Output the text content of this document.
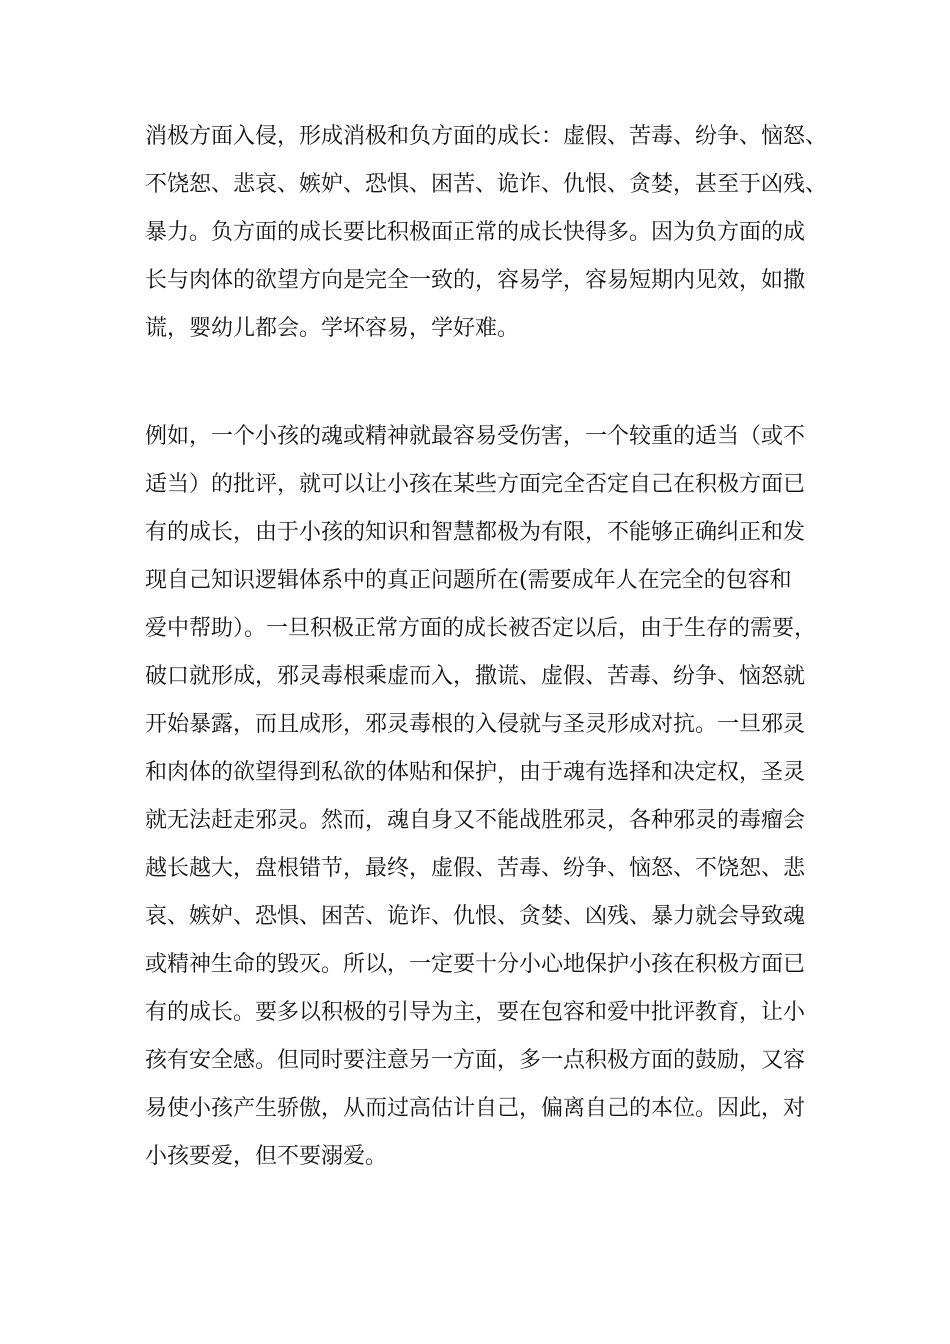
消极方面入侵，形成消极和负方面的成长：虚假、苦毒、纷争、恼怒、
不饶恕、悲哀、嫉妒、恐惧、困苦、诡诈、仇恨、贪婪，甚至于凶残、
暴力。负方面的成长要比积极面正常的成长快得多。因为负方面的成
长与肉体的欲望方向是完全一致的，容易学，容易短期内见效，如撒
谎，婴幼儿都会。学坏容易，学好难。
例如，一个小孩的魂或精神就最容易受伤害，一个较重的适当（或不
适当）的批评，就可以让小孩在某些方面完全否定自己在积极方面已
有的成长，由于小孩的知识和智慧都极为有限，不能够正确纠正和发
现自己知识逻辑体系中的真正问题所在(需要成年人在完全的包容和
爱中帮助）。一旦积极正常方面的成长被否定以后，由于生存的需要，
破口就形成，邪灵毒根乘虚而入，撒谎、虚假、苦毒、纷争、恼怒就
开始暴露，而且成形，邪灵毒根的入侵就与圣灵形成对抗。一旦邪灵
和肉体的欲望得到私欲的体贴和保护，由于魂有选择和决定权，圣灵
就无法赶走邪灵。然而，魂自身又不能战胜邪灵，各种邪灵的毒瘤会
越长越大，盘根错节，最终，虚假、苦毒、纷争、恼怒、不饶恕、悲
哀、嫉妒、恐惧、困苦、诡诈、仇恨、贪婪、凶残、暴力就会导致魂
或精神生命的毁灭。所以，一定要十分小心地保护小孩在积极方面已
有的成长。要多以积极的引导为主，要在包容和爱中批评教育，让小
孩有安全感。但同时要注意另一方面，多一点积极方面的鼓励，又容
易使小孩产生骄傲，从而过高估计自己，偏离自己的本位。因此，对
小孩要爱，但不要溺爱。
